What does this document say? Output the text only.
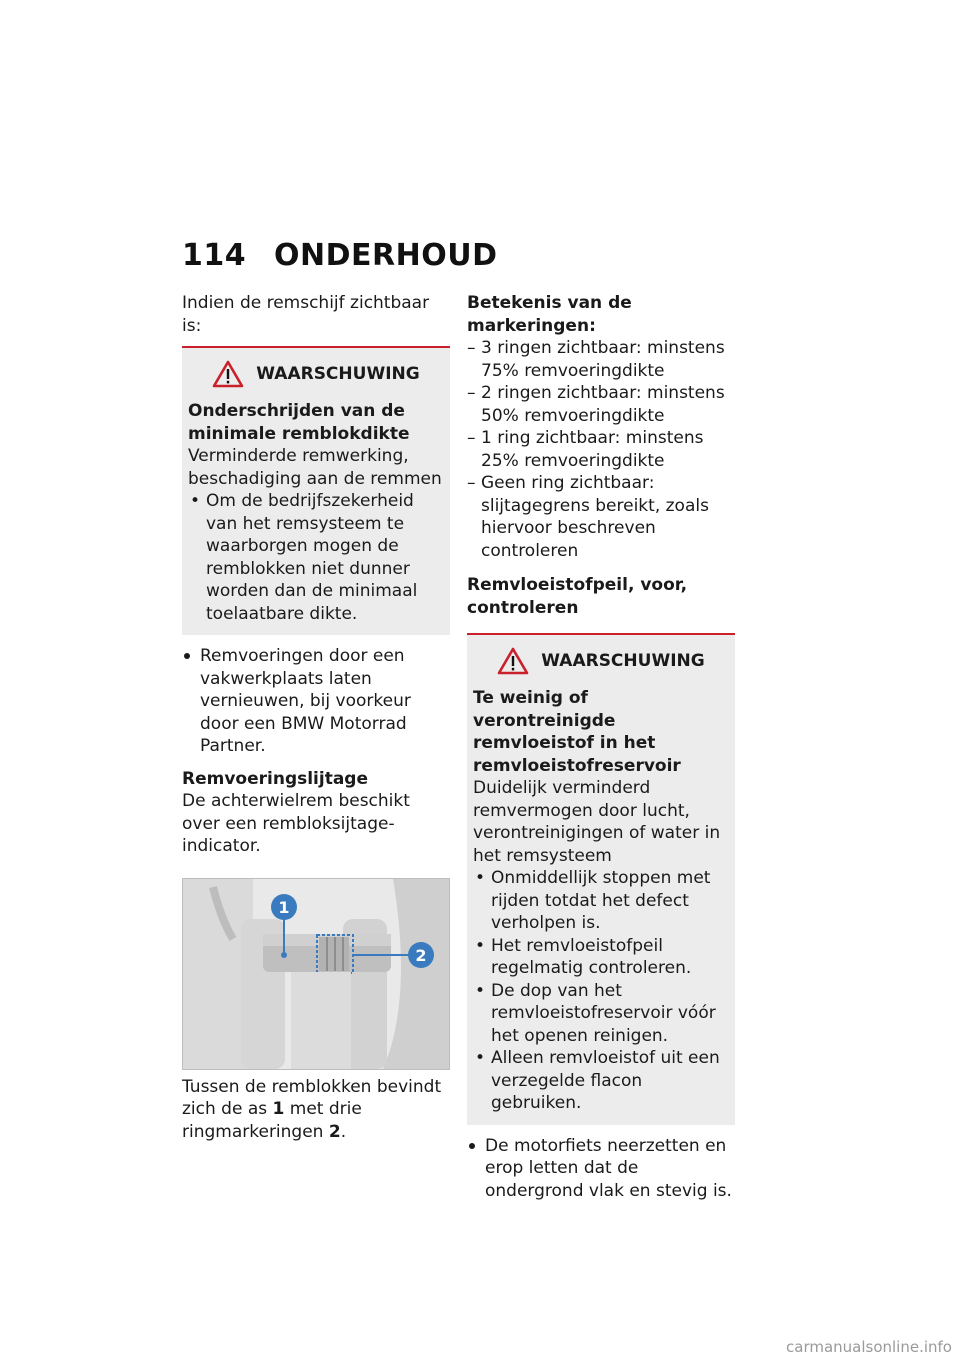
114 ONDERHOUD

Indien de remschijf zichtbaar is:

WAARSCHUWING

Onderschrijden van de minimale remblokdikte

Verminderde remwerking, beschadiging aan de remmen

• Om de bedrijfszekerheid van het remsysteem te waarborgen mogen de remblokken niet dunner worden dan de minimaal toelaatbare dikte.
Remvoeringen door een vakwerkplaats laten vernieuwen, bij voorkeur door een BMW Motorrad Partner.

Remvoeringslijtage

De achterwielrem beschikt over een rembloksijtage-indicator.

1
2

Tussen de remblokken bevindt zich de as 1 met drie ringmarkeringen 2.

Betekenis van de markeringen:

– 3 ringen zichtbaar: minstens 75% remvoeringdikte
– 2 ringen zichtbaar: minstens 50% remvoeringdikte
– 1 ring zichtbaar: minstens 25% remvoeringdikte
– Geen ring zichtbaar: slijtagegrens bereikt, zoals hiervoor beschreven controleren

Remvloeistofpeil, voor, controleren

WAARSCHUWING

Te weinig of verontreinigde remvloeistof in het remvloeistofreservoir

Duidelijk verminderd remvermogen door lucht, verontreinigingen of water in het remsysteem

• Onmiddellijk stoppen met rijden totdat het defect verholpen is.
• Het remvloeistofpeil regelmatig controleren.
• De dop van het remvloeistofreservoir vóór het openen reinigen.
• Alleen remvloeistof uit een verzegelde flacon gebruiken.
De motorfiets neerzetten en erop letten dat de ondergrond vlak en stevig is.
carmanualsonline.info
